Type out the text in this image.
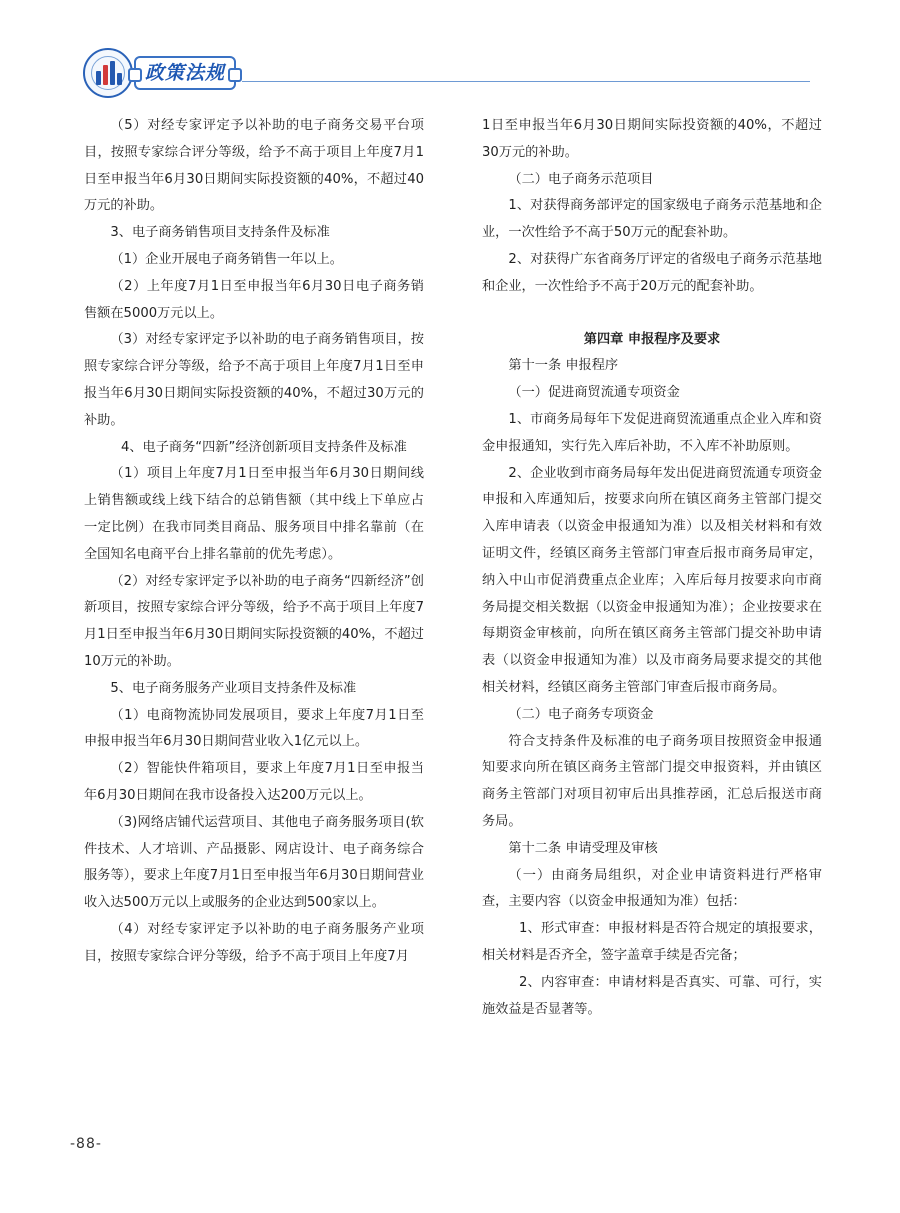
政策法规

（5）对经专家评定予以补助的电子商务交易平台项目，按照专家综合评分等级，给予不高于项目上年度7月1日至申报当年6月30日期间实际投资额的40%，不超过40万元的补助。

3、电子商务销售项目支持条件及标准

（1）企业开展电子商务销售一年以上。

（2）上年度7月1日至申报当年6月30日电子商务销售额在5000万元以上。

（3）对经专家评定予以补助的电子商务销售项目，按照专家综合评分等级，给予不高于项目上年度7月1日至申报当年6月30日期间实际投资额的40%，不超过30万元的补助。

4、电子商务“四新”经济创新项目支持条件及标准

（1）项目上年度7月1日至申报当年6月30日期间线上销售额或线上线下结合的总销售额（其中线上下单应占一定比例）在我市同类目商品、服务项目中排名靠前（在全国知名电商平台上排名靠前的优先考虑）。

（2）对经专家评定予以补助的电子商务“四新经济”创新项目，按照专家综合评分等级，给予不高于项目上年度7月1日至申报当年6月30日期间实际投资额的40%，不超过10万元的补助。

5、电子商务服务产业项目支持条件及标准

（1）电商物流协同发展项目，要求上年度7月1日至申报申报当年6月30日期间营业收入1亿元以上。

（2）智能快件箱项目，要求上年度7月1日至申报当年6月30日期间在我市设备投入达200万元以上。

（3)网络店铺代运营项目、其他电子商务服务项目(软件技术、人才培训、产品摄影、网店设计、电子商务综合服务等），要求上年度7月1日至申报当年6月30日期间营业收入达500万元以上或服务的企业达到500家以上。

（4）对经专家评定予以补助的电子商务服务产业项目，按照专家综合评分等级，给予不高于项目上年度7月

1日至申报当年6月30日期间实际投资额的40%，不超过30万元的补助。

（二）电子商务示范项目

1、对获得商务部评定的国家级电子商务示范基地和企业，一次性给予不高于50万元的配套补助。

2、对获得广东省商务厅评定的省级电子商务示范基地和企业，一次性给予不高于20万元的配套补助。

第四章 申报程序及要求

第十一条 申报程序

（一）促进商贸流通专项资金

1、市商务局每年下发促进商贸流通重点企业入库和资金申报通知，实行先入库后补助，不入库不补助原则。

2、企业收到市商务局每年发出促进商贸流通专项资金申报和入库通知后，按要求向所在镇区商务主管部门提交入库申请表（以资金申报通知为准）以及相关材料和有效证明文件，经镇区商务主管部门审查后报市商务局审定，纳入中山市促消费重点企业库；入库后每月按要求向市商务局提交相关数据（以资金申报通知为准）；企业按要求在每期资金审核前，向所在镇区商务主管部门提交补助申请表（以资金申报通知为准）以及市商务局要求提交的其他相关材料，经镇区商务主管部门审查后报市商务局。

（二）电子商务专项资金

符合支持条件及标准的电子商务项目按照资金申报通知要求向所在镇区商务主管部门提交申报资料，并由镇区商务主管部门对项目初审后出具推荐函，汇总后报送市商务局。

第十二条 申请受理及审核

（一）由商务局组织，对企业申请资料进行严格审查，主要内容（以资金申报通知为准）包括：

1、形式审查：申报材料是否符合规定的填报要求，相关材料是否齐全，签字盖章手续是否完备；

2、内容审查：申请材料是否真实、可靠、可行，实施效益是否显著等。

-88-
